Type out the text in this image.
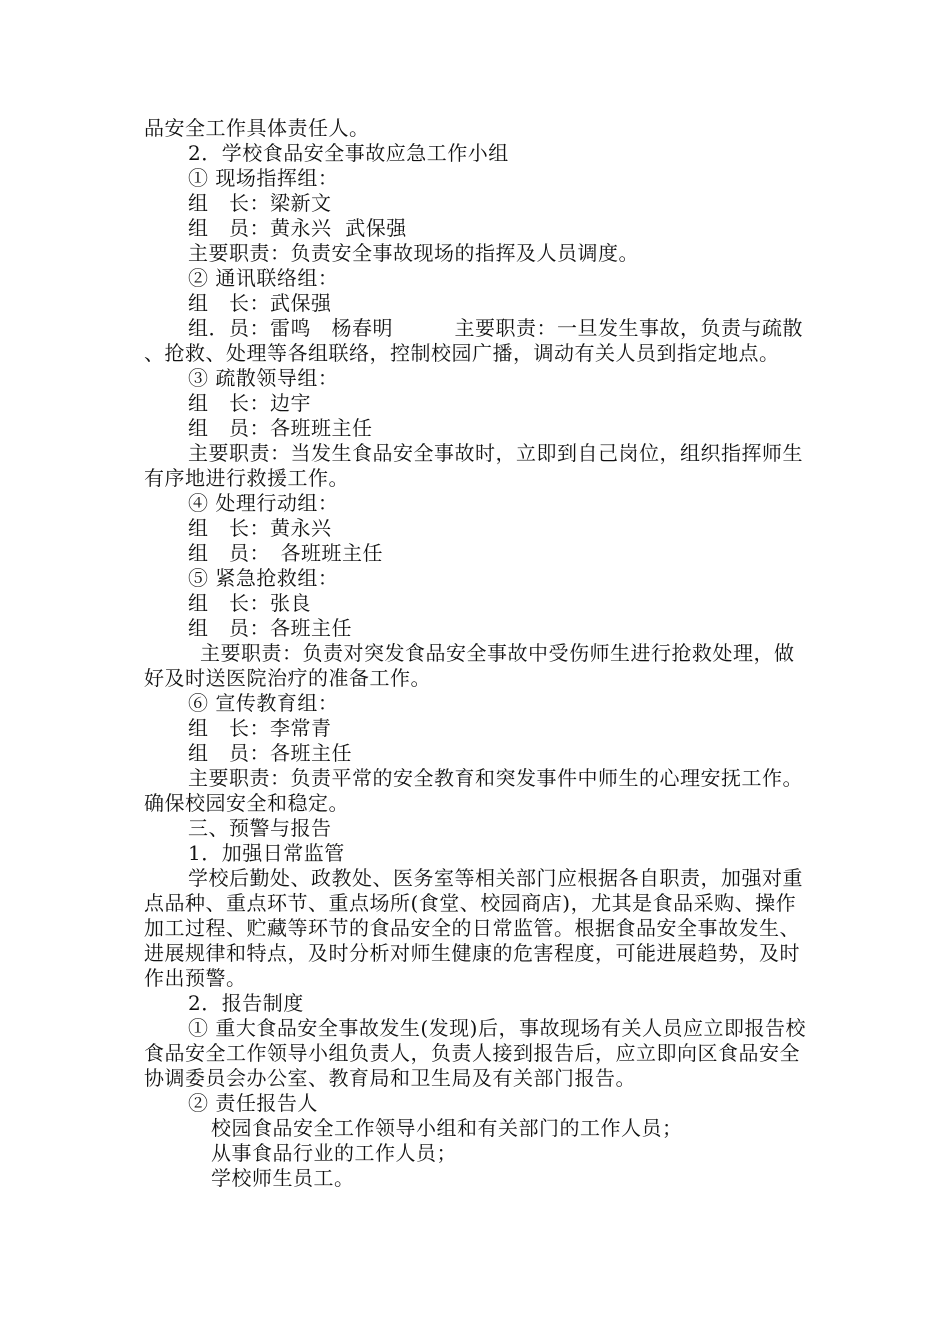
品安全工作具体责任人。
2．学校食品安全事故应急工作小组
① 现场指挥组：
组　长：梁新文
组　员：黄永兴  武保强
主要职责：负责安全事故现场的指挥及人员调度。
② 通讯联络组：
组　长：武保强
组．员：雷鸣　杨春明　　　主要职责：一旦发生事故，负责与疏散、抢救、处理等各组联络，控制校园广播，调动有关人员到指定地点。
③ 疏散领导组：
组　长：边宇
组　员：各班班主任
主要职责：当发生食品安全事故时，立即到自己岗位，组织指挥师生有序地进行救援工作。
④ 处理行动组：
组　长：黄永兴
组　员：　各班班主任
⑤ 紧急抢救组：
组　长：张良
组　员：各班主任
主要职责：负责对突发食品安全事故中受伤师生进行抢救处理，做好及时送医院治疗的准备工作。
⑥ 宣传教育组：
组　长：李常青
组　员：各班主任
主要职责：负责平常的安全教育和突发事件中师生的心理安抚工作。确保校园安全和稳定。
三、预警与报告
1．加强日常监管
学校后勤处、政教处、医务室等相关部门应根据各自职责，加强对重点品种、重点环节、重点场所(食堂、校园商店)，尤其是食品采购、操作加工过程、贮藏等环节的食品安全的日常监管。根据食品安全事故发生、进展规律和特点，及时分析对师生健康的危害程度，可能进展趋势，及时作出预警。
2．报告制度
① 重大食品安全事故发生(发现)后，事故现场有关人员应立即报告校食品安全工作领导小组负责人，负责人接到报告后，应立即向区食品安全协调委员会办公室、教育局和卫生局及有关部门报告。
② 责任报告人
校园食品安全工作领导小组和有关部门的工作人员；
从事食品行业的工作人员；
学校师生员工。
